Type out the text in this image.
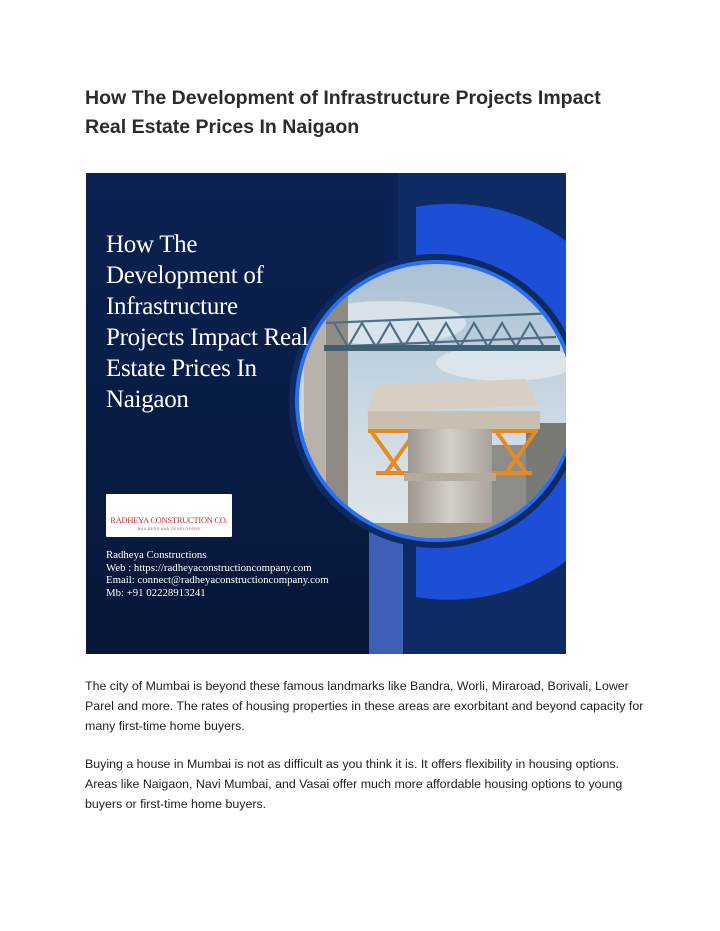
How The Development of Infrastructure Projects Impact Real Estate Prices In Naigaon
How The
Development of
Infrastructure
Projects Impact Real
Estate Prices In
Naigaon
RADHEYA CONSTRUCTION CO.
BUILDERS AND DEVELOPERS
Radheya Constructions
Web : https://radheyaconstructioncompany.com
Email: connect@radheyaconstructioncompany.com
Mb: +91 02228913241

The city of Mumbai is beyond these famous landmarks like Bandra, Worli, Miraroad, Borivali, Lower Parel and more. The rates of housing properties in these areas are exorbitant and beyond capacity for many first-time home buyers.

Buying a house in Mumbai is not as difficult as you think it is. It offers flexibility in housing options. Areas like Naigaon, Navi Mumbai, and Vasai offer much more affordable housing options to young buyers or first-time home buyers.
